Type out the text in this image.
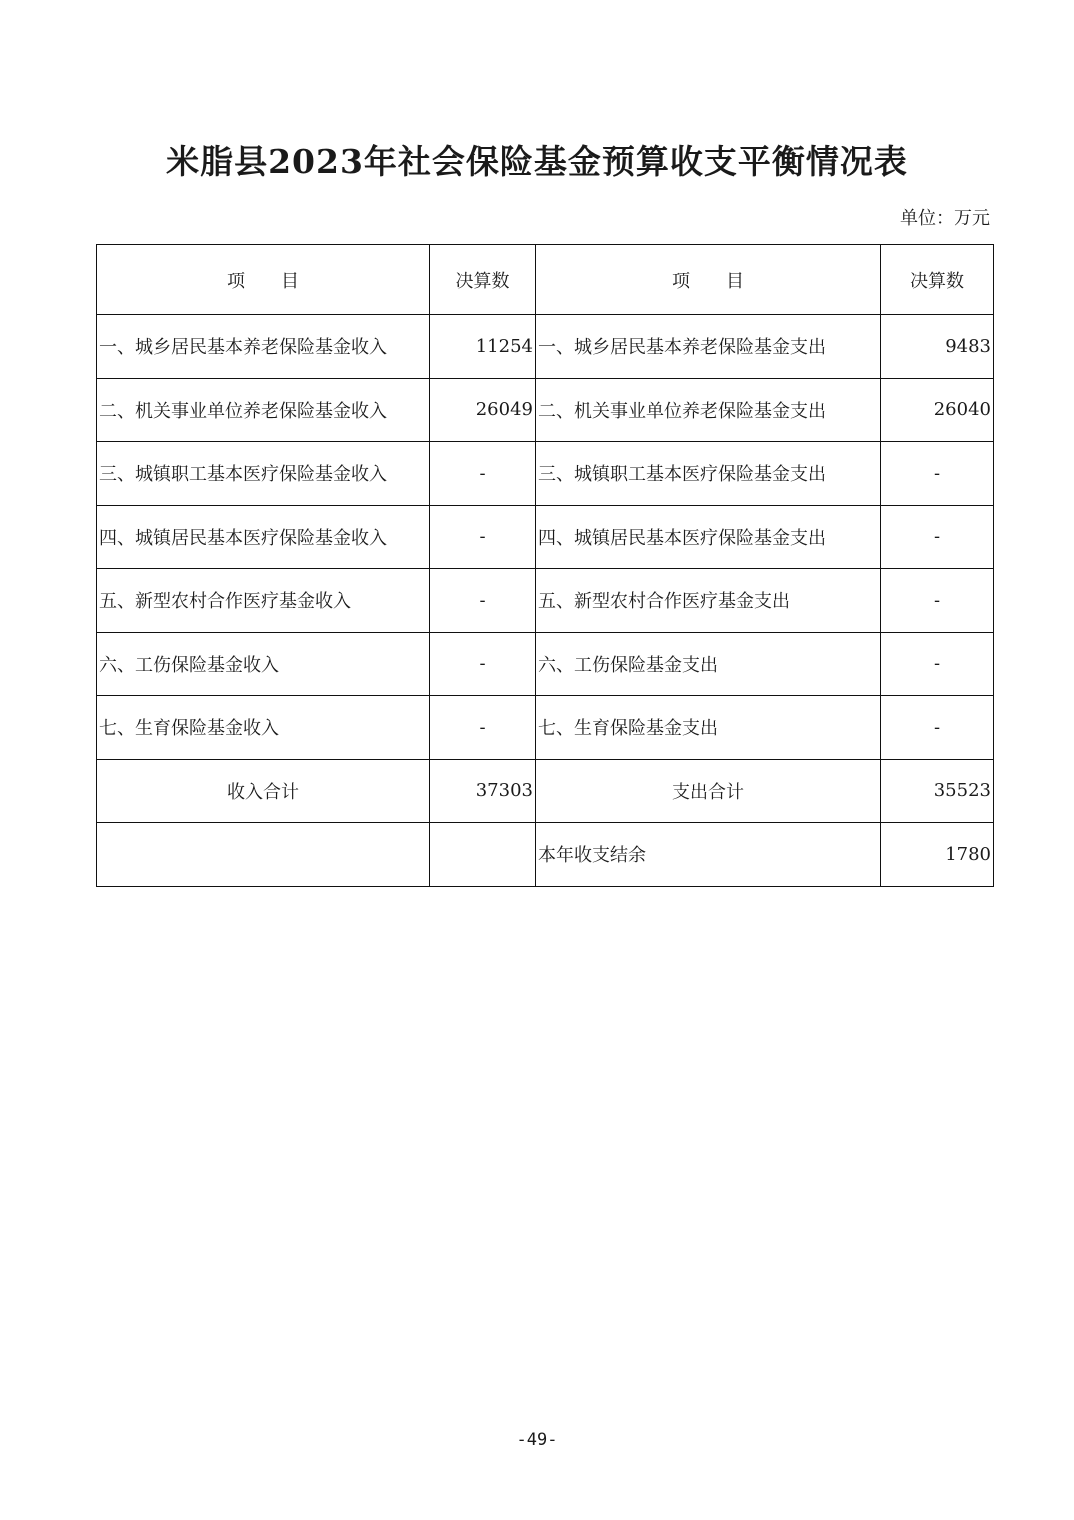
米脂县2023年社会保险基金预算收支平衡情况表
单位：万元
项　　目	决算数	项　　目	决算数
一、城乡居民基本养老保险基金收入	11254	一、城乡居民基本养老保险基金支出	9483
二、机关事业单位养老保险基金收入	26049	二、机关事业单位养老保险基金支出	26040
三、城镇职工基本医疗保险基金收入	-	三、城镇职工基本医疗保险基金支出	-
四、城镇居民基本医疗保险基金收入	-	四、城镇居民基本医疗保险基金支出	-
五、新型农村合作医疗基金收入	-	五、新型农村合作医疗基金支出	-
六、工伤保险基金收入	-	六、工伤保险基金支出	-
七、生育保险基金收入	-	七、生育保险基金支出	-
收入合计	37303	支出合计	35523
		本年收支结余	1780
-49-
